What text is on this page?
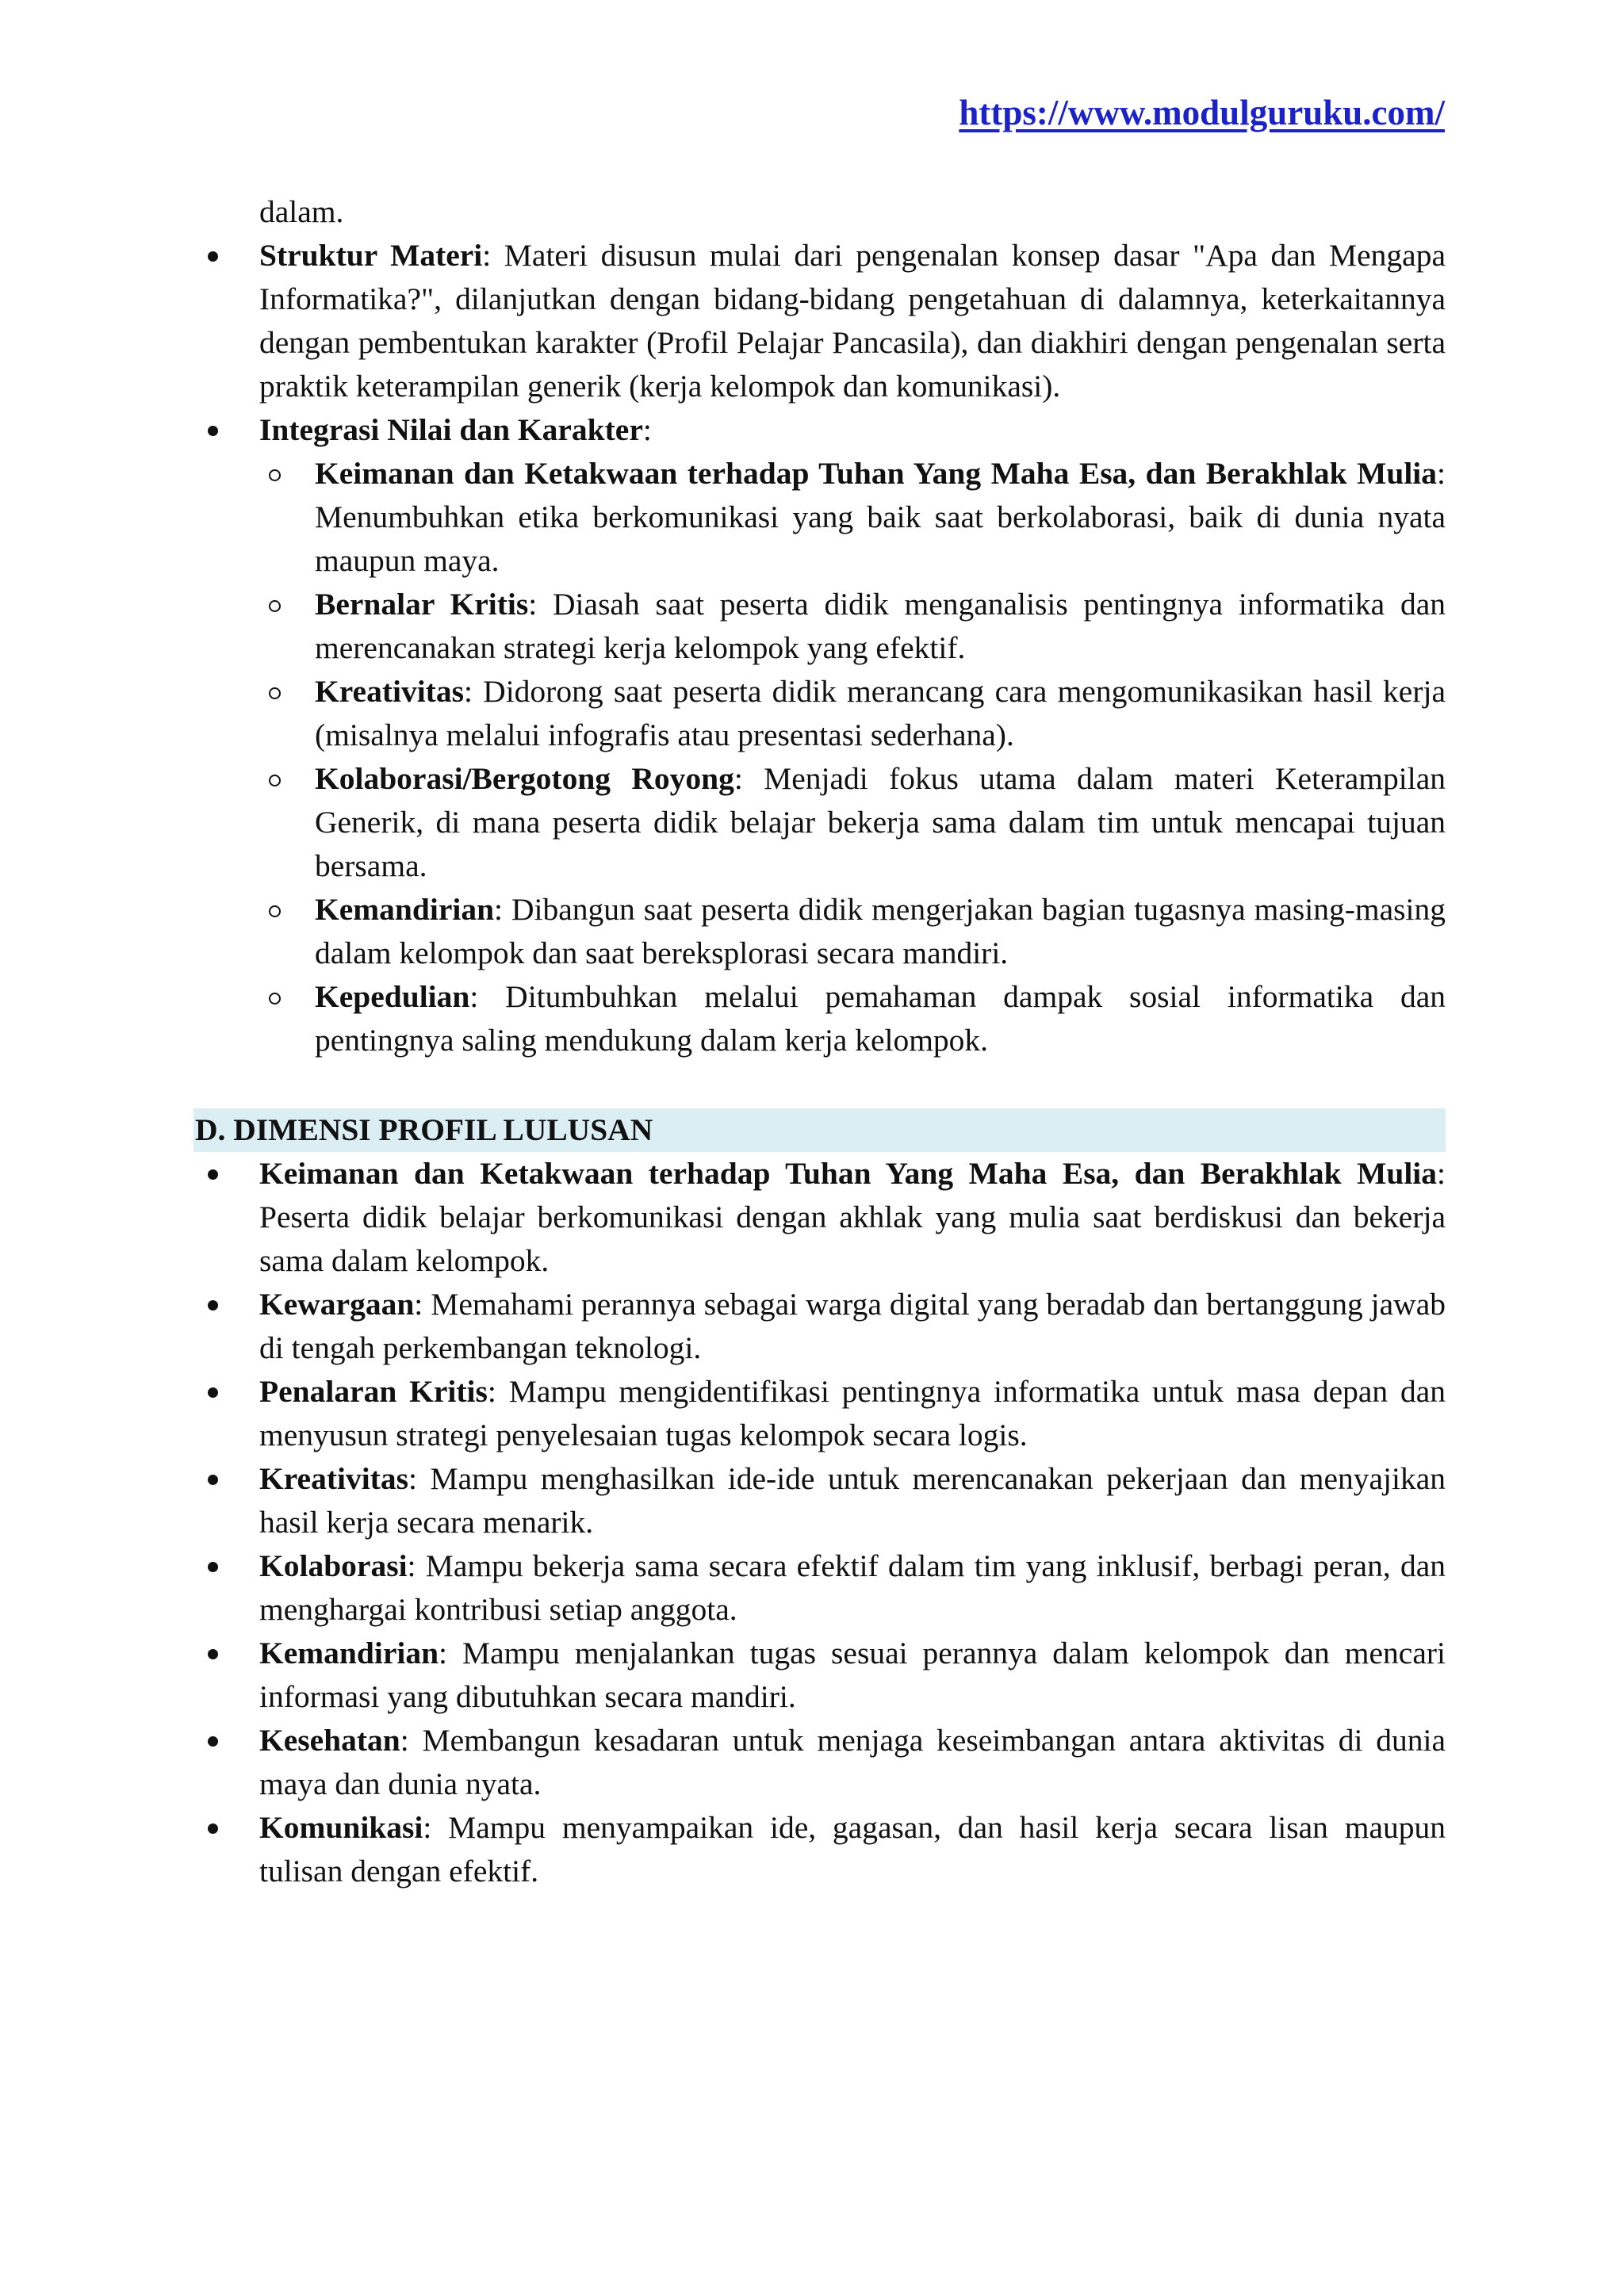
https://www.modulguruku.com/

dalam.

Struktur Materi: Materi disusun mulai dari pengenalan konsep dasar "Apa dan Mengapa Informatika?", dilanjutkan dengan bidang-bidang pengetahuan di dalamnya, keterkaitannya dengan pembentukan karakter (Profil Pelajar Pancasila), dan diakhiri dengan pengenalan serta praktik keterampilan generik (kerja kelompok dan komunikasi).
Integrasi Nilai dan Karakter:
Keimanan dan Ketakwaan terhadap Tuhan Yang Maha Esa, dan Berakhlak Mulia: Menumbuhkan etika berkomunikasi yang baik saat berkolaborasi, baik di dunia nyata maupun maya.
Bernalar Kritis: Diasah saat peserta didik menganalisis pentingnya informatika dan merencanakan strategi kerja kelompok yang efektif.
Kreativitas: Didorong saat peserta didik merancang cara mengomunikasikan hasil kerja (misalnya melalui infografis atau presentasi sederhana).
Kolaborasi/Bergotong Royong: Menjadi fokus utama dalam materi Keterampilan Generik, di mana peserta didik belajar bekerja sama dalam tim untuk mencapai tujuan bersama.
Kemandirian: Dibangun saat peserta didik mengerjakan bagian tugasnya masing-masing dalam kelompok dan saat bereksplorasi secara mandiri.
Kepedulian: Ditumbuhkan melalui pemahaman dampak sosial informatika dan pentingnya saling mendukung dalam kerja kelompok.
D. DIMENSI PROFIL LULUSAN
Keimanan dan Ketakwaan terhadap Tuhan Yang Maha Esa, dan Berakhlak Mulia: Peserta didik belajar berkomunikasi dengan akhlak yang mulia saat berdiskusi dan bekerja sama dalam kelompok.
Kewargaan: Memahami perannya sebagai warga digital yang beradab dan bertanggung jawab di tengah perkembangan teknologi.
Penalaran Kritis: Mampu mengidentifikasi pentingnya informatika untuk masa depan dan menyusun strategi penyelesaian tugas kelompok secara logis.
Kreativitas: Mampu menghasilkan ide-ide untuk merencanakan pekerjaan dan menyajikan hasil kerja secara menarik.
Kolaborasi: Mampu bekerja sama secara efektif dalam tim yang inklusif, berbagi peran, dan menghargai kontribusi setiap anggota.
Kemandirian: Mampu menjalankan tugas sesuai perannya dalam kelompok dan mencari informasi yang dibutuhkan secara mandiri.
Kesehatan: Membangun kesadaran untuk menjaga keseimbangan antara aktivitas di dunia maya dan dunia nyata.
Komunikasi: Mampu menyampaikan ide, gagasan, dan hasil kerja secara lisan maupun tulisan dengan efektif.
